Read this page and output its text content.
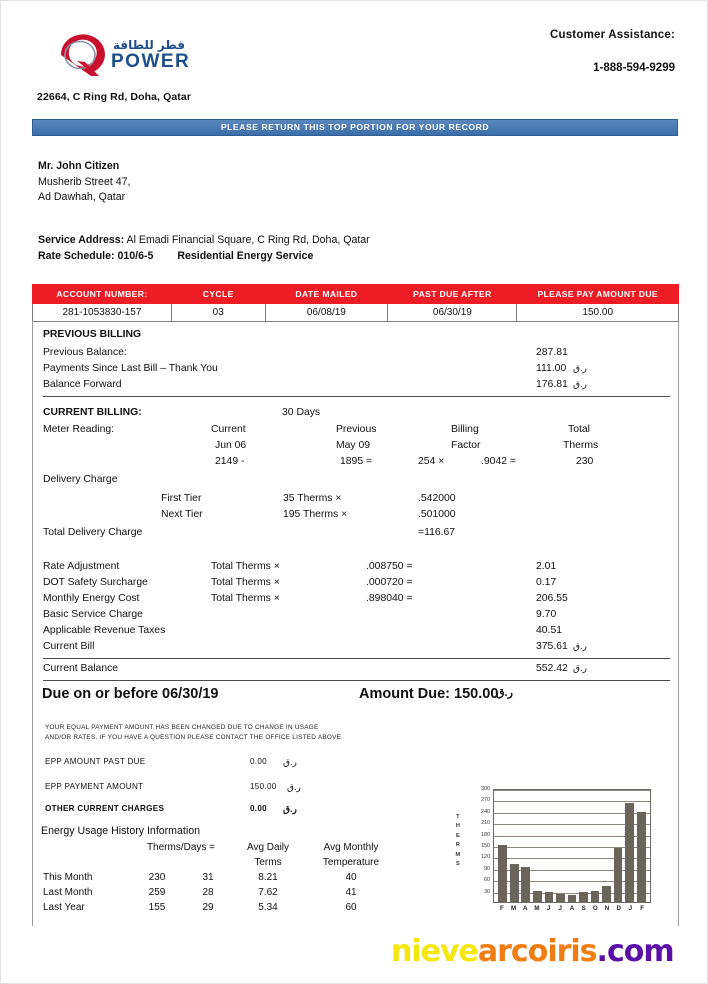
قطر للطاقة
POWER
Customer Assistance:
1-888-594-9299
22664, C Ring Rd, Doha, Qatar
PLEASE RETURN THIS TOP PORTION FOR YOUR RECORD
Mr. John Citizen
Musherib Street 47,
Ad Dawhah, Qatar
Service Address: Al Emadi Financial Square, C Ring Rd, Doha, Qatar
Rate Schedule: 010/6-5 Residential Energy Service
ACCOUNT NUMBER:	CYCLE	DATE MAILED	PAST DUE AFTER	PLEASE PAY AMOUNT DUE
281-1053830-157	03	06/08/19	06/30/19	150.00
PREVIOUS BILLING
Previous Balance:	287.81
Payments Since Last Bill – Thank You	111.00 ر.ق
Balance Forward	176.81 ر.ق
CURRENT BILLING:	30 Days
Meter Reading:	Current	Previous	Billing	Total
Jun 06	May 09	Factor	Therms
2149 -	1895 =	254 ×	.9042 =	230
Delivery Charge
First Tier	35 Therms ×	.542000
Next Tier	195 Therms ×	.501000
Total Delivery Charge	=116.67
Rate Adjustment	Total Therms ×	.008750 =	2.01
DOT Safety Surcharge	Total Therms ×	.000720 =	0.17
Monthly Energy Cost	Total Therms ×	.898040 =	206.55
Basic Service Charge	9.70
Applicable Revenue Taxes	40.51
Current Bill	375.61 ر.ق
Current Balance	552.42 ر.ق
Due on or before 06/30/19	Amount Due: 150.00
ر.ق
YOUR EQUAL PAYMENT AMOUNT HAS BEEN CHANGED DUE TO CHANGE IN USAGE AND/OR RATES. IF YOU HAVE A QUESTION PLEASE CONTACT THE OFFICE LISTED ABOVE.
EPP AMOUNT PAST DUE	0.00 ر.ق
EPP PAYMENT AMOUNT	150.00 ر.ق
OTHER CURRENT CHARGES	0.00 ر.ق
Energy Usage History Information
	Therms/Days =		Avg Daily	Avg Monthly
			Terms	Temperature
This Month	230	31	8.21	40
Last Month	259	28	7.62	41
Last Year	155	29	5.34	60
T
H
E
R
M
S
300
270
240
210
180
150
120
90
60
30
F	M	A	M	J	J	A	S	O	N	D	J	F
nievearcoiris.com
